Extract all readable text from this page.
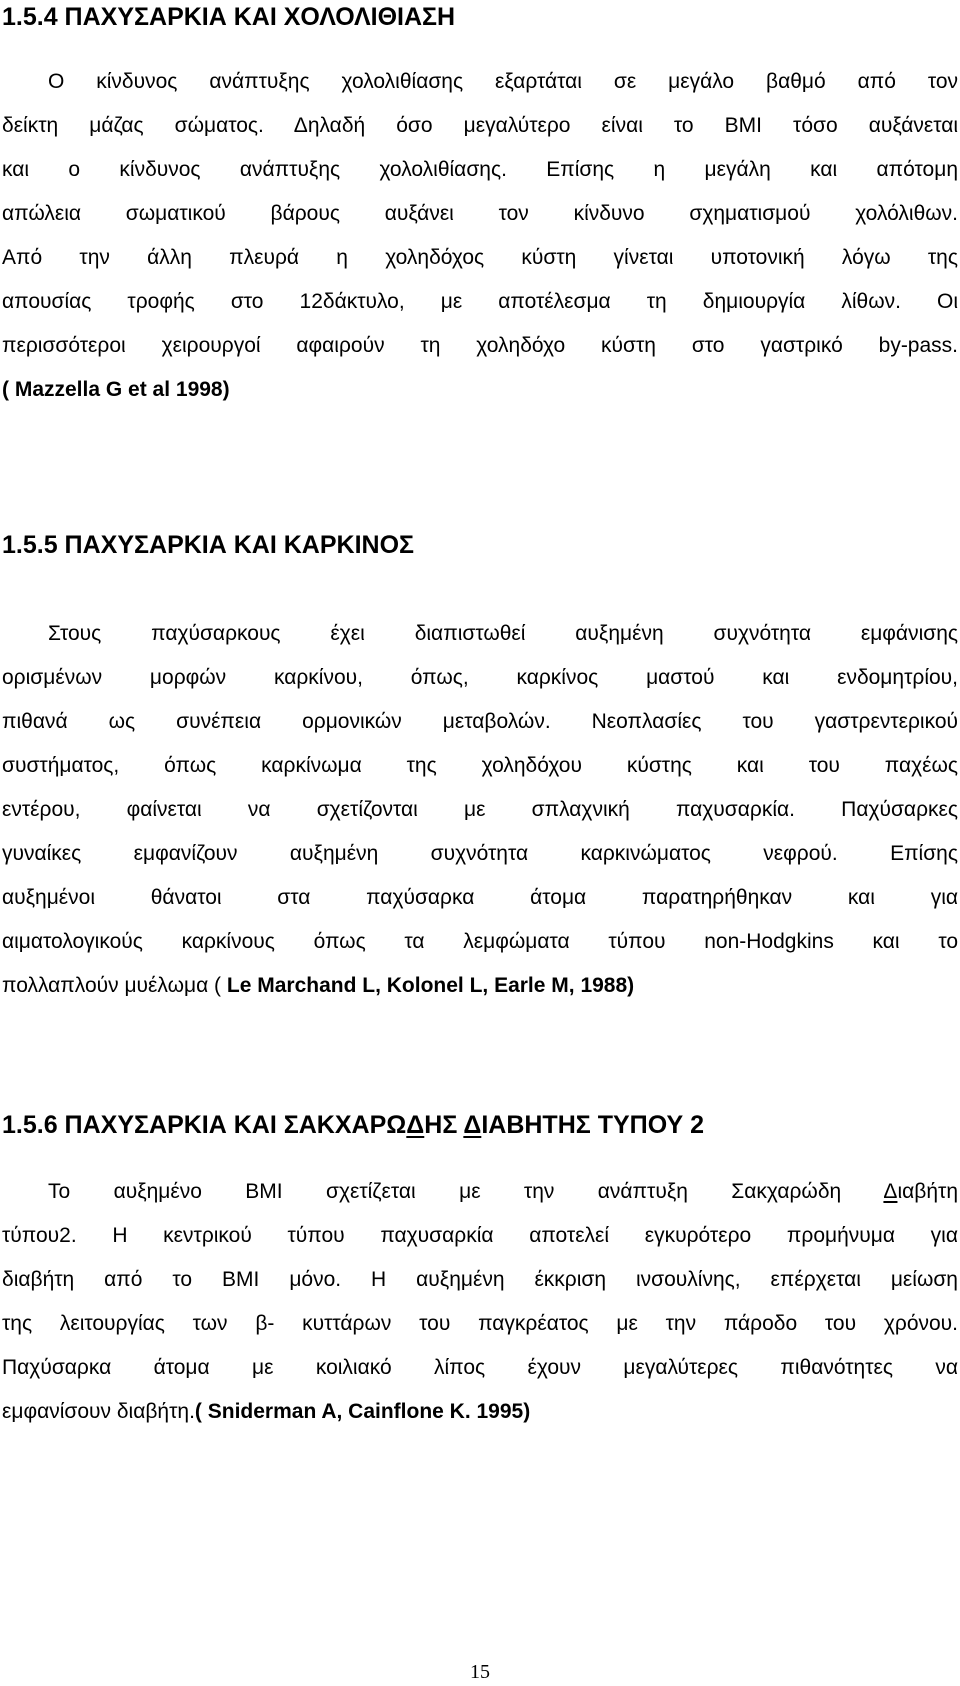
1.5.4 ΠΑΧΥΣΑΡΚΙΑ ΚΑΙ ΧΟΛΟΛΙΘΙΑΣΗ
Ο κίνδυνος ανάπτυξης χολολιθίασης εξαρτάται σε μεγάλο βαθμό από τον
δείκτη μάζας σώματος. Δηλαδή όσο μεγαλύτερο είναι το BMI τόσο αυξάνεται
και ο κίνδυνος ανάπτυξης χολολιθίασης. Επίσης η μεγάλη και απότομη
απώλεια σωματικού βάρους αυξάνει τον κίνδυνο σχηματισμού χολόλιθων.
Από την άλλη πλευρά η χοληδόχος κύστη γίνεται υποτονική λόγω της
απουσίας τροφής στο 12δάκτυλο, με αποτέλεσμα τη δημιουργία λίθων. Οι
περισσότεροι χειρουργοί αφαιρούν τη χοληδόχο κύστη στο γαστρικό by-pass.
( Mazzella G et al 1998)
1.5.5 ΠΑΧΥΣΑΡΚΙΑ ΚΑΙ ΚΑΡΚΙΝΟΣ
Στους παχύσαρκους έχει διαπιστωθεί αυξημένη συχνότητα εμφάνισης
ορισμένων μορφών καρκίνου, όπως, καρκίνος μαστού και ενδομητρίου,
πιθανά ως συνέπεια ορμονικών μεταβολών. Νεοπλασίες του γαστρεντερικού
συστήματος, όπως καρκίνωμα της χοληδόχου κύστης και του παχέως
εντέρου, φαίνεται να σχετίζονται με σπλαχνική παχυσαρκία. Παχύσαρκες
γυναίκες εμφανίζουν αυξημένη συχνότητα καρκινώματος νεφρού. Επίσης
αυξημένοι θάνατοι στα παχύσαρκα άτομα παρατηρήθηκαν και για
αιματολογικούς καρκίνους όπως τα λεμφώματα τύπου non-Hodgkins και το
πολλαπλούν μυέλωμα ( Le Marchand L, Kolonel L, Earle M, 1988)
1.5.6 ΠΑΧΥΣΑΡΚΙΑ ΚΑΙ ΣΑΚΧΑΡΩΔΗΣ ΔΙΑΒΗΤΗΣ ΤΥΠΟΥ 2
Το αυξημένο BMI σχετίζεται με την ανάπτυξη Σακχαρώδη Διαβήτη
τύπου2. Η κεντρικού τύπου παχυσαρκία αποτελεί εγκυρότερο προμήνυμα για
διαβήτη από το BMI μόνο. Η αυξημένη έκκριση ινσουλίνης, επέρχεται μείωση
της λειτουργίας των β- κυττάρων του παγκρέατος με την πάροδο του χρόνου.
Παχύσαρκα άτομα με κοιλιακό λίπος έχουν μεγαλύτερες πιθανότητες να
εμφανίσουν διαβήτη.( Sniderman A, Cainflone K. 1995)
15
